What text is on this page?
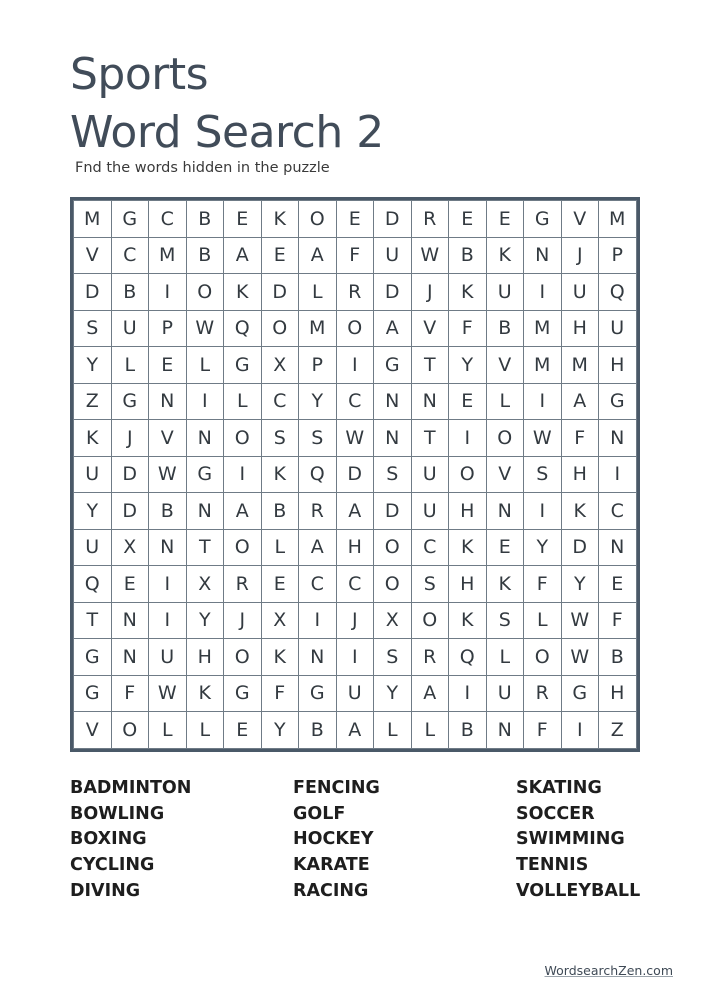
Sports
Word Search 2
Fnd the words hidden in the puzzle
M	G	C	B	E	K	O	E	D	R	E	E	G	V	M
V	C	M	B	A	E	A	F	U	W	B	K	N	J	P
D	B	I	O	K	D	L	R	D	J	K	U	I	U	Q
S	U	P	W	Q	O	M	O	A	V	F	B	M	H	U
Y	L	E	L	G	X	P	I	G	T	Y	V	M	M	H
Z	G	N	I	L	C	Y	C	N	N	E	L	I	A	G
K	J	V	N	O	S	S	W	N	T	I	O	W	F	N
U	D	W	G	I	K	Q	D	S	U	O	V	S	H	I
Y	D	B	N	A	B	R	A	D	U	H	N	I	K	C
U	X	N	T	O	L	A	H	O	C	K	E	Y	D	N
Q	E	I	X	R	E	C	C	O	S	H	K	F	Y	E
T	N	I	Y	J	X	I	J	X	O	K	S	L	W	F
G	N	U	H	O	K	N	I	S	R	Q	L	O	W	B
G	F	W	K	G	F	G	U	Y	A	I	U	R	G	H
V	O	L	L	E	Y	B	A	L	L	B	N	F	I	Z
BADMINTON
BOWLING
BOXING
CYCLING
DIVING
FENCING
GOLF
HOCKEY
KARATE
RACING
SKATING
SOCCER
SWIMMING
TENNIS
VOLLEYBALL
WordsearchZen.com
